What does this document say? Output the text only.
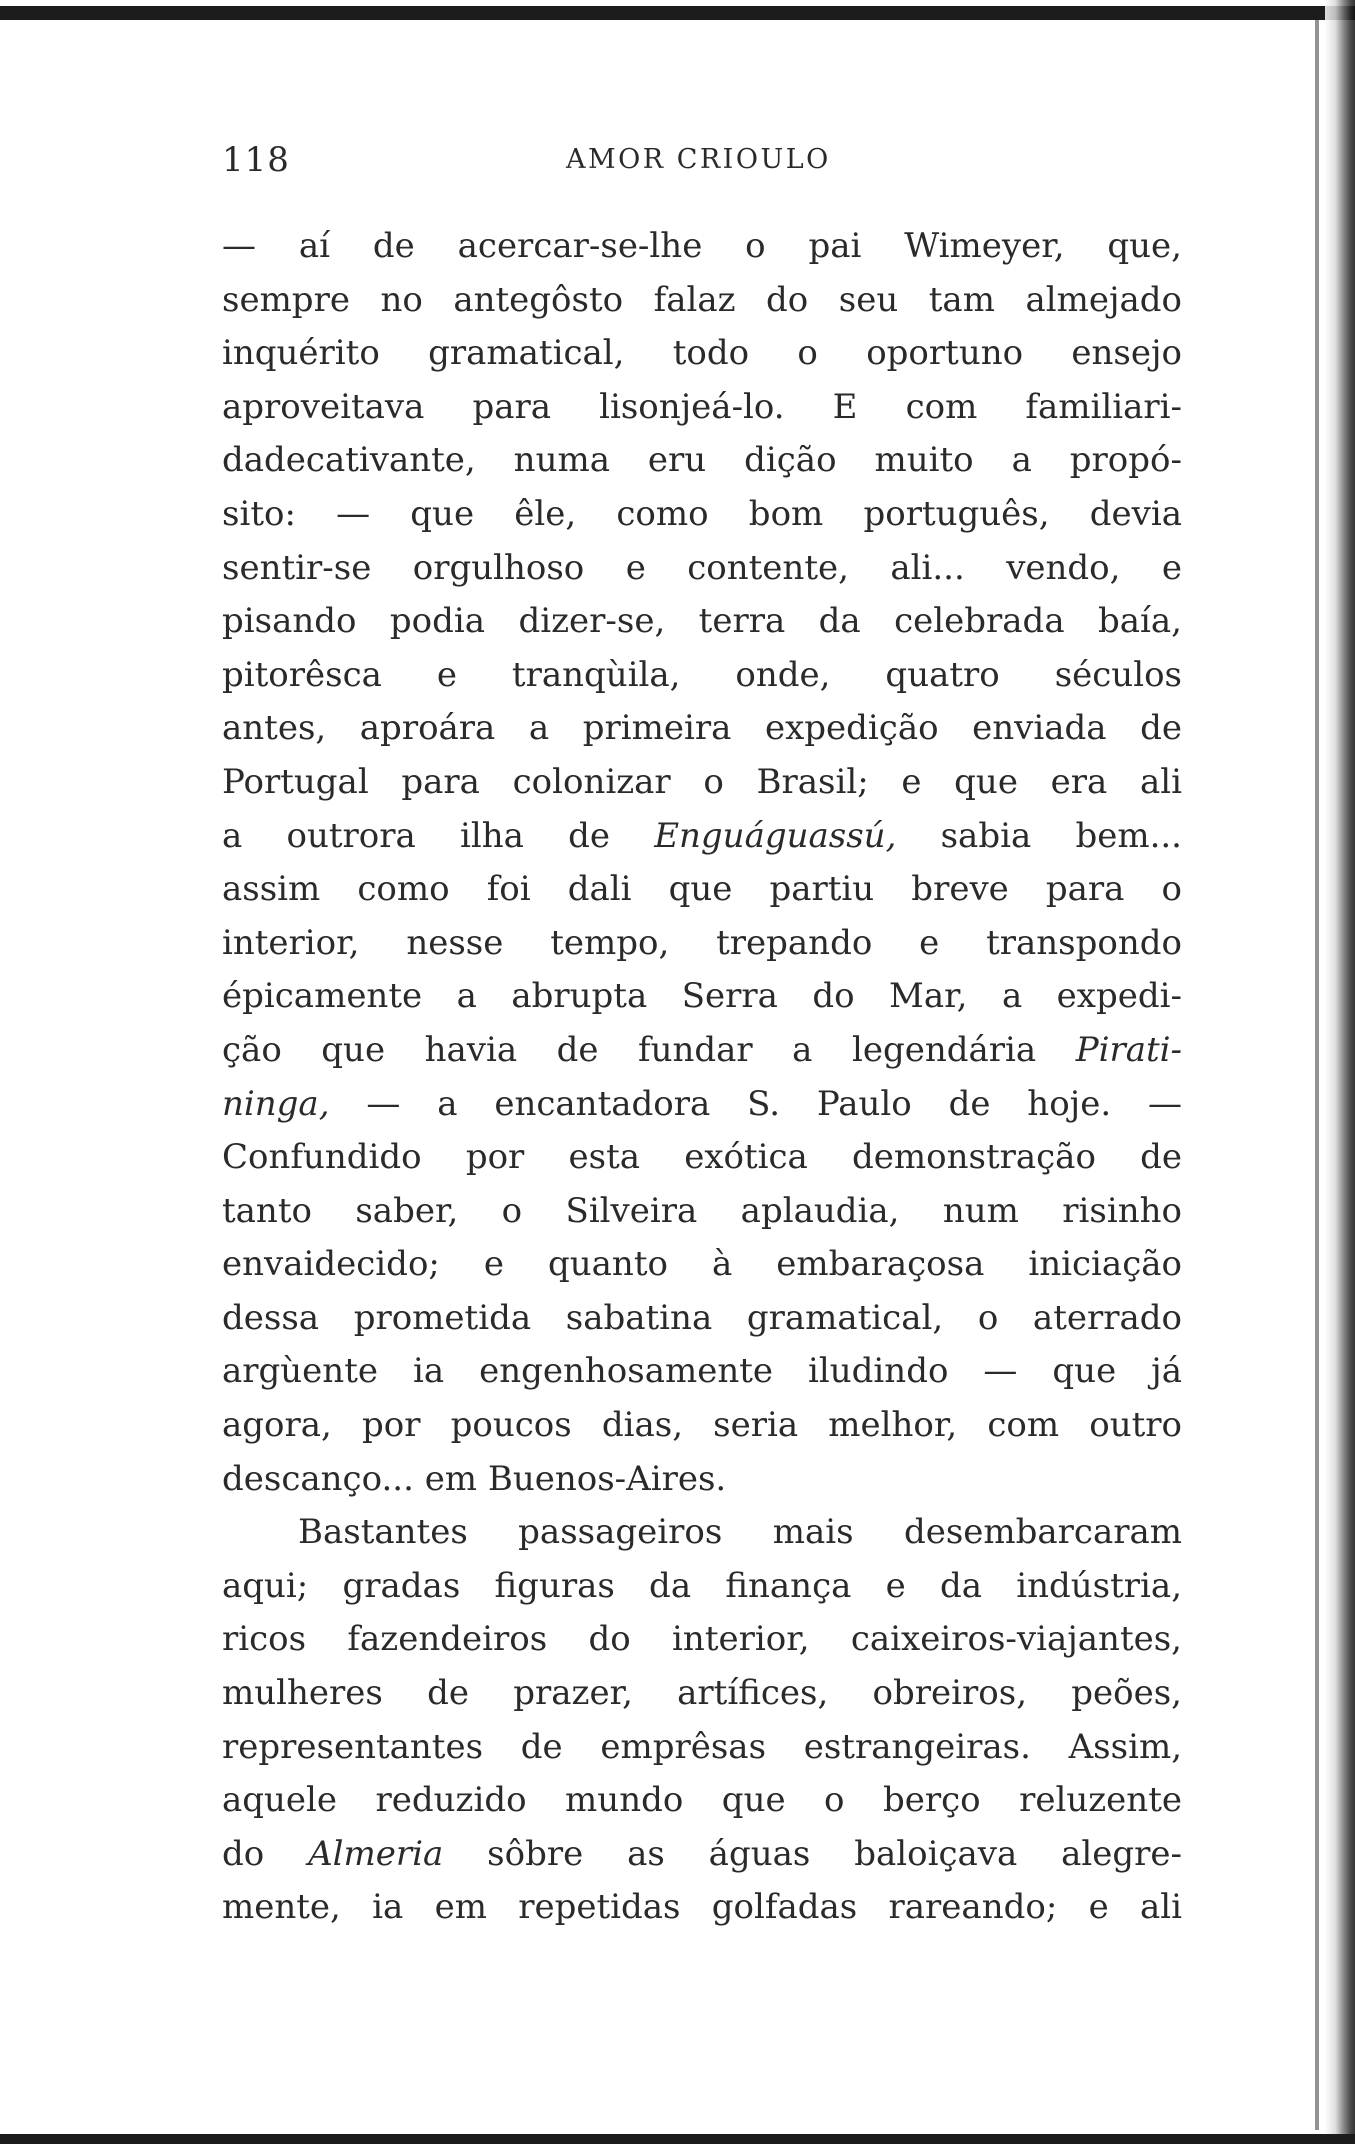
118	AMOR CRIOULO
— aí de acercar-se-lhe o pai Wimeyer, que,
sempre no antegôsto falaz do seu tam almejado
inquérito gramatical, todo o oportuno ensejo
aproveitava para lisonjeá-lo. E com familiari-
dadecativante, numa eru dição muito a propó-
sito: — que êle, como bom português, devia
sentir-se orgulhoso e contente, ali... vendo, e
pisando podia dizer-se, terra da celebrada baía,
pitorêsca e tranqùila, onde, quatro séculos
antes, aproára a primeira expedição enviada de
Portugal para colonizar o Brasil; e que era ali
a outrora ilha de Enguáguassú, sabia bem...
assim como foi dali que partiu breve para o
interior, nesse tempo, trepando e transpondo
épicamente a abrupta Serra do Mar, a expedi-
ção que havia de fundar a legendária Pirati-
ninga, — a encantadora S. Paulo de hoje. —
Confundido por esta exótica demonstração de
tanto saber, o Silveira aplaudia, num risinho
envaidecido; e quanto à embaraçosa iniciação
dessa prometida sabatina gramatical, o aterrado
argùente ia engenhosamente iludindo — que já
agora, por poucos dias, seria melhor, com outro
descanço... em Buenos-Aires.
Bastantes passageiros mais desembarcaram
aqui; gradas figuras da finança e da indústria,
ricos fazendeiros do interior, caixeiros-viajantes,
mulheres de prazer, artífices, obreiros, peões,
representantes de emprêsas estrangeiras. Assim,
aquele reduzido mundo que o berço reluzente
do Almeria sôbre as águas baloiçava alegre-
mente, ia em repetidas golfadas rareando; e ali
